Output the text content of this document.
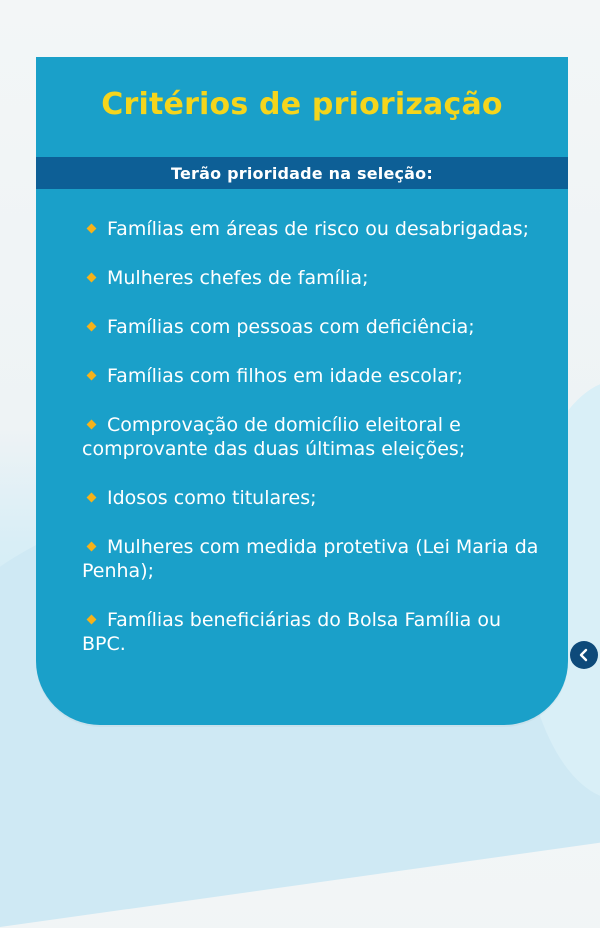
Critérios de priorização
Terão prioridade na seleção:
Famílias em áreas de risco ou desabrigadas;
Mulheres chefes de família;
Famílias com pessoas com deficiência;
Famílias com filhos em idade escolar;
Comprovação de domicílio eleitoral e comprovante das duas últimas eleições;
Idosos como titulares;
Mulheres com medida protetiva (Lei Maria da Penha);
Famílias beneficiárias do Bolsa Família ou BPC.
